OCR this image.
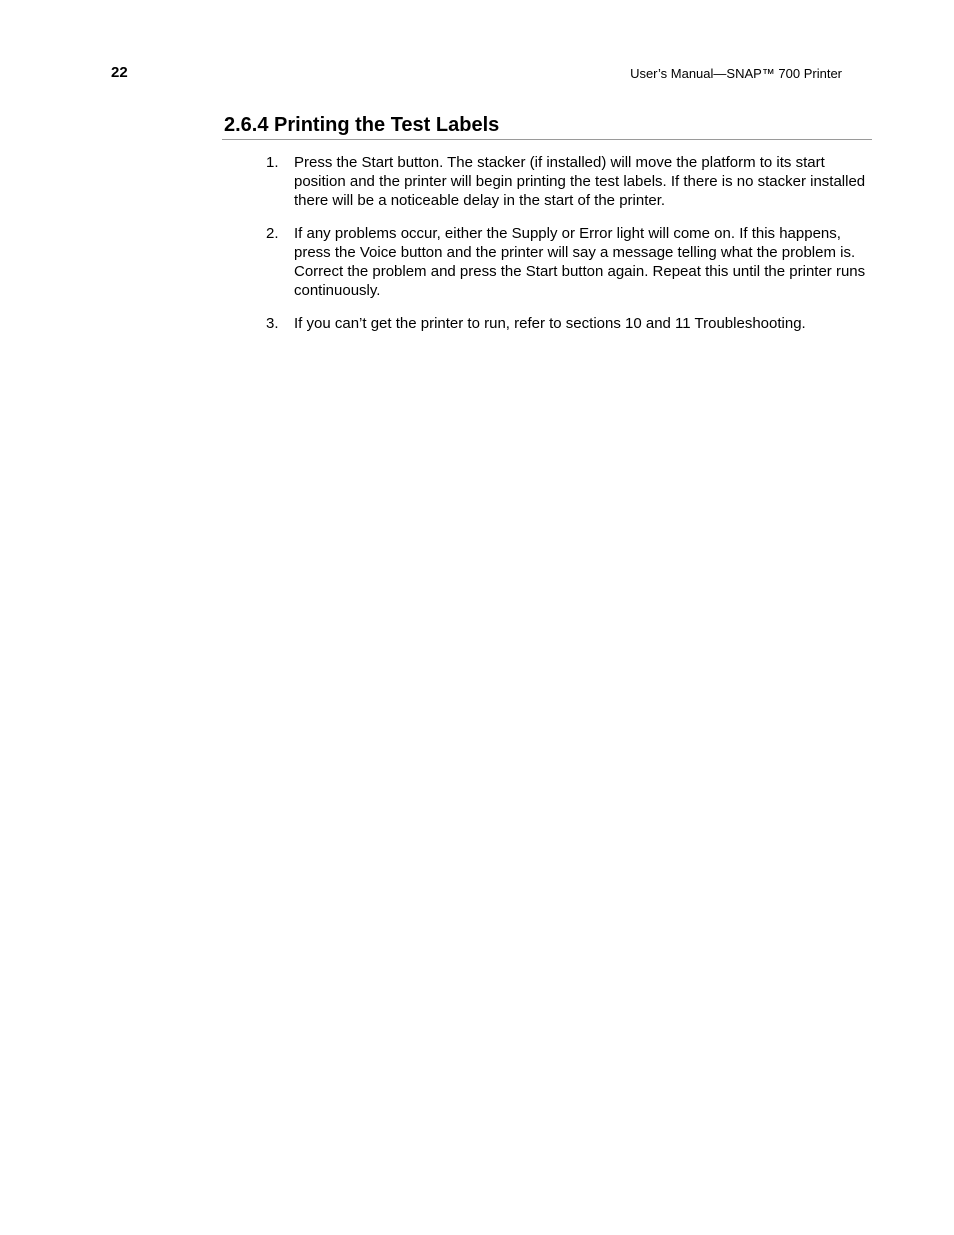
22	User’s Manual—SNAP™ 700 Printer
2.6.4 Printing the Test Labels
1. Press the Start button. The stacker (if installed) will move the platform to its start position and the printer will begin printing the test labels. If there is no stacker installed there will be a noticeable delay in the start of the printer.
2. If any problems occur, either the Supply or Error light will come on. If this happens, press the Voice button and the printer will say a message telling what the problem is. Correct the problem and press the Start button again. Repeat this until the printer runs continuously.
3. If you can’t get the printer to run, refer to sections 10 and 11 Troubleshooting.
